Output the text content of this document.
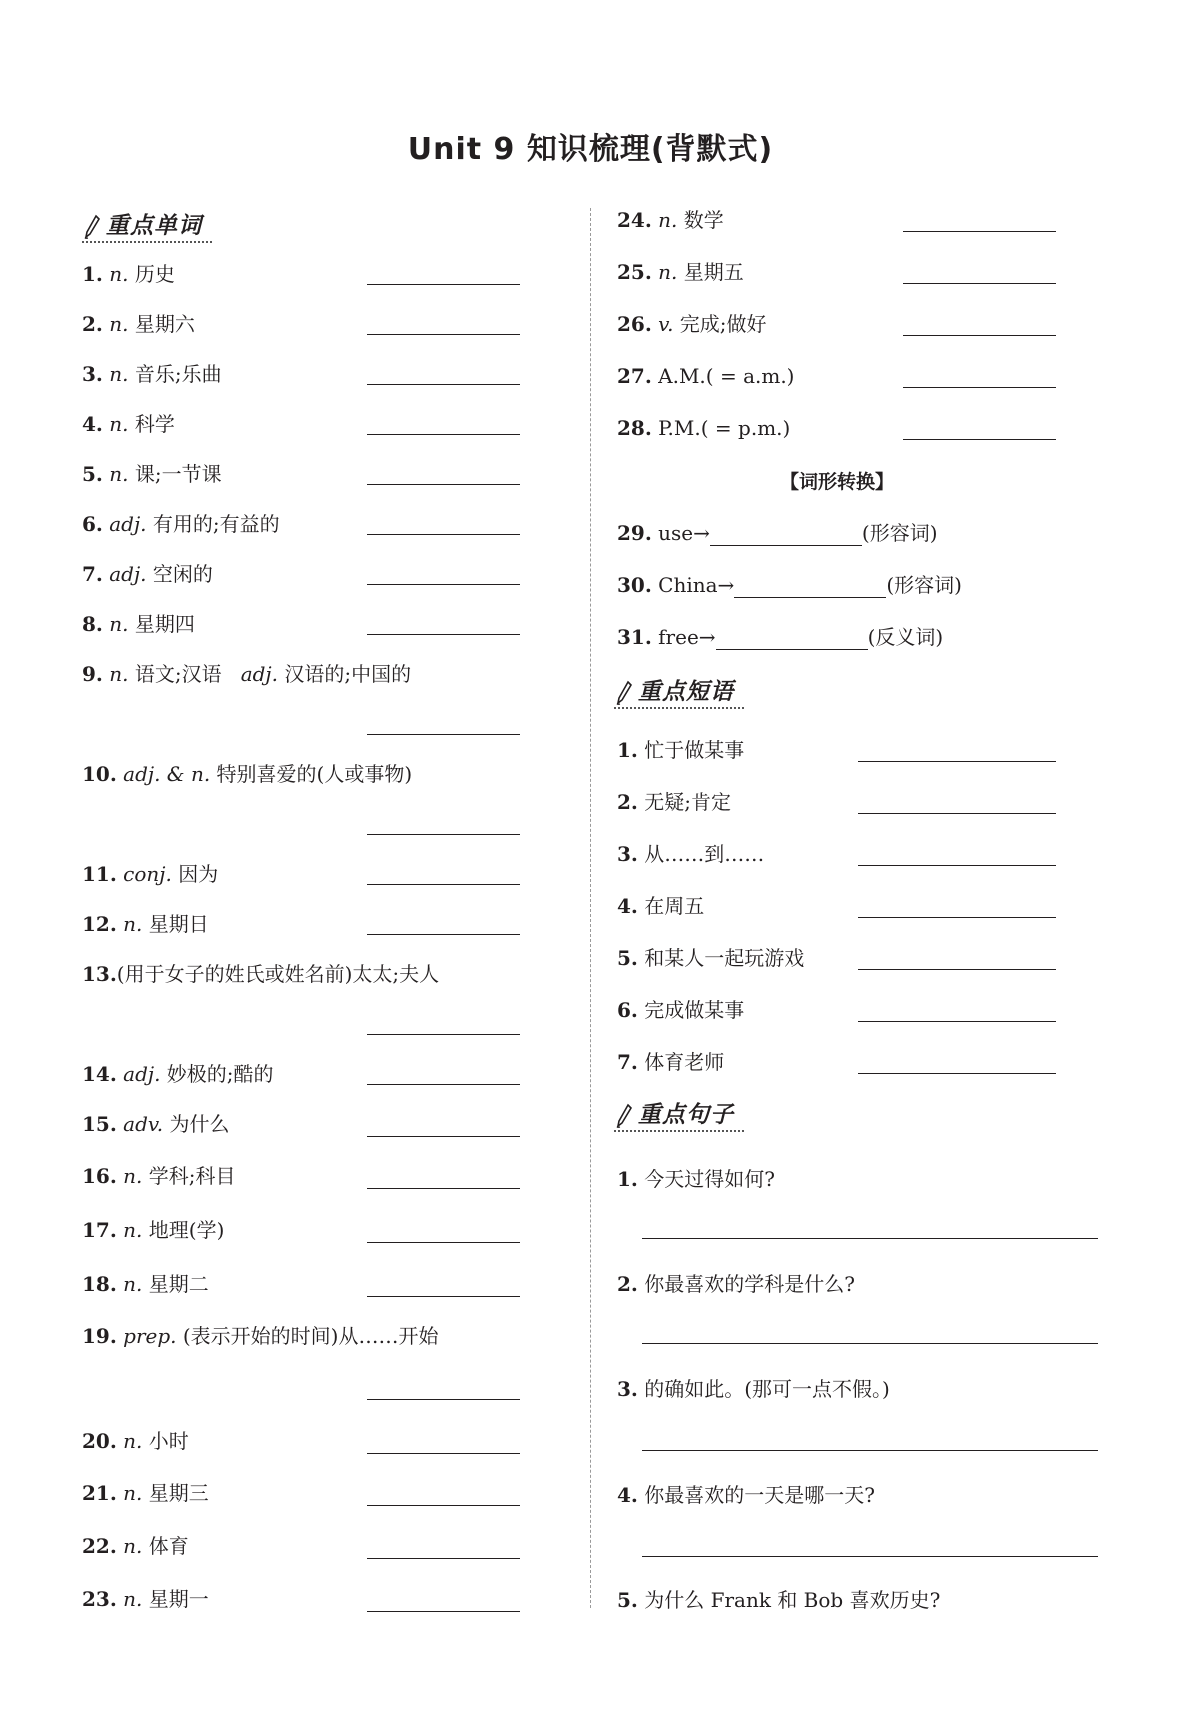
Unit 9 知识梳理(背默式)
重点单词
重点短语
重点句子
1. n. 历史
2. n. 星期六
3. n. 音乐;乐曲
4. n. 科学
5. n. 课;一节课
6. adj. 有用的;有益的
7. adj. 空闲的
8. n. 星期四
9. n. 语文;汉语 adj. 汉语的;中国的
10. adj. & n. 特别喜爱的(人或事物)
11. conj. 因为
12. n. 星期日
13.(用于女子的姓氏或姓名前)太太;夫人
14. adj. 妙极的;酷的
15. adv. 为什么
16. n. 学科;科目
17. n. 地理(学)
18. n. 星期二
19. prep. (表示开始的时间)从……开始
20. n. 小时
21. n. 星期三
22. n. 体育
23. n. 星期一
24. n. 数学
25. n. 星期五
26. v. 完成;做好
27. A.M.( = a.m.)
28. P.M.( = p.m.)
【词形转换】
29. use→	(形容词)
30. China→	(形容词)
31. free→	(反义词)
1. 忙于做某事
2. 无疑;肯定
3. 从……到……
4. 在周五
5. 和某人一起玩游戏
6. 完成做某事
7. 体育老师
1. 今天过得如何?
2. 你最喜欢的学科是什么?
3. 的确如此。(那可一点不假。)
4. 你最喜欢的一天是哪一天?
5. 为什么 Frank 和 Bob 喜欢历史?
